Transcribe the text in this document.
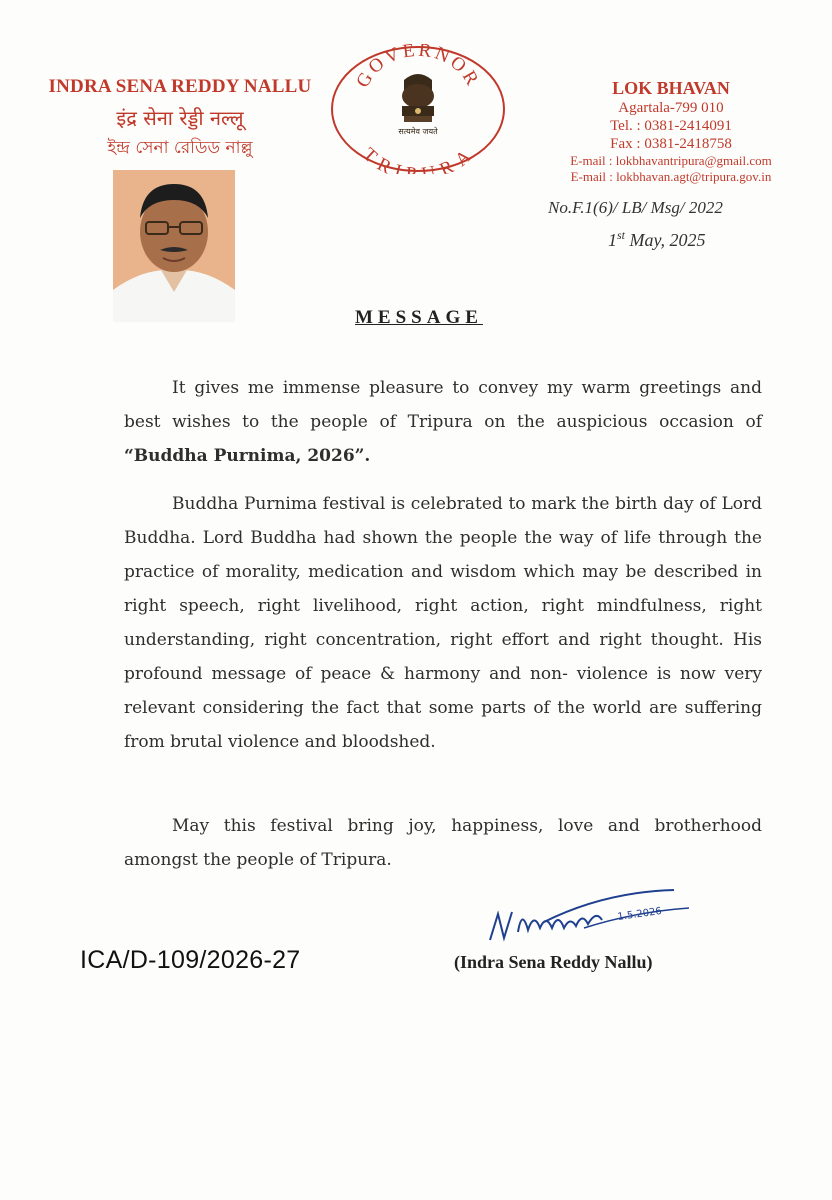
INDRA SENA REDDY NALLU
इंद्र सेना रेड्डी नल्लू
ইন্দ্র সেনা রেডিড নাল্লু
GOVERNOR
TRI URA
सत्यमेव जयते
LOK BHAVAN
Agartala-799 010
Tel. : 0381-2414091
Fax : 0381-2418758
E-mail : lokbhavantripura@gmail.com
E-mail : lokbhavan.agt@tripura.gov.in
No.F.1(6)/ LB/ Msg/ 2022
1st May, 2025
MESSAGE
It gives me immense pleasure to convey my warm greetings and best wishes to the people of Tripura on the auspicious occasion of “Buddha Purnima, 2026”.
Buddha Purnima festival is celebrated to mark the birth day of Lord Buddha. Lord Buddha had shown the people the way of life through the practice of morality, medication and wisdom which may be described in right speech, right livelihood, right action, right mindfulness, right understanding, right concentration, right effort and right thought. His profound message of peace & harmony and non- violence is now very relevant considering the fact that some parts of the world are suffering from brutal violence and bloodshed.
May this festival bring joy, happiness, love and brotherhood amongst the people of Tripura.
1.5.2026
(Indra Sena Reddy Nallu)
ICA/D-109/2026-27
